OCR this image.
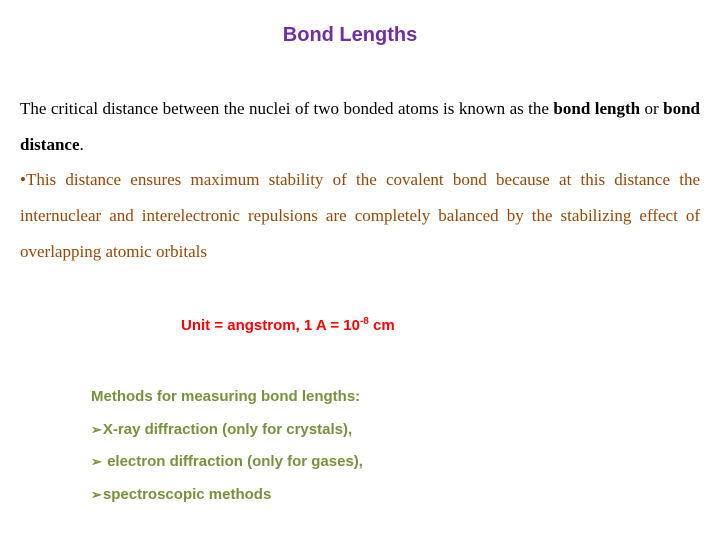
Bond Lengths
The critical distance between the nuclei of two bonded atoms is known as the bond length or bond distance.
•This distance ensures maximum stability of the covalent bond because at this distance the internuclear and interelectronic repulsions are completely balanced by the stabilizing effect of overlapping atomic orbitals
Unit = angstrom, 1 $A = 10^{-8}$ cm
Methods for measuring bond lengths:
➢X-ray diffraction (only for crystals),
➢ electron diffraction (only for gases),
➢spectroscopic methods
